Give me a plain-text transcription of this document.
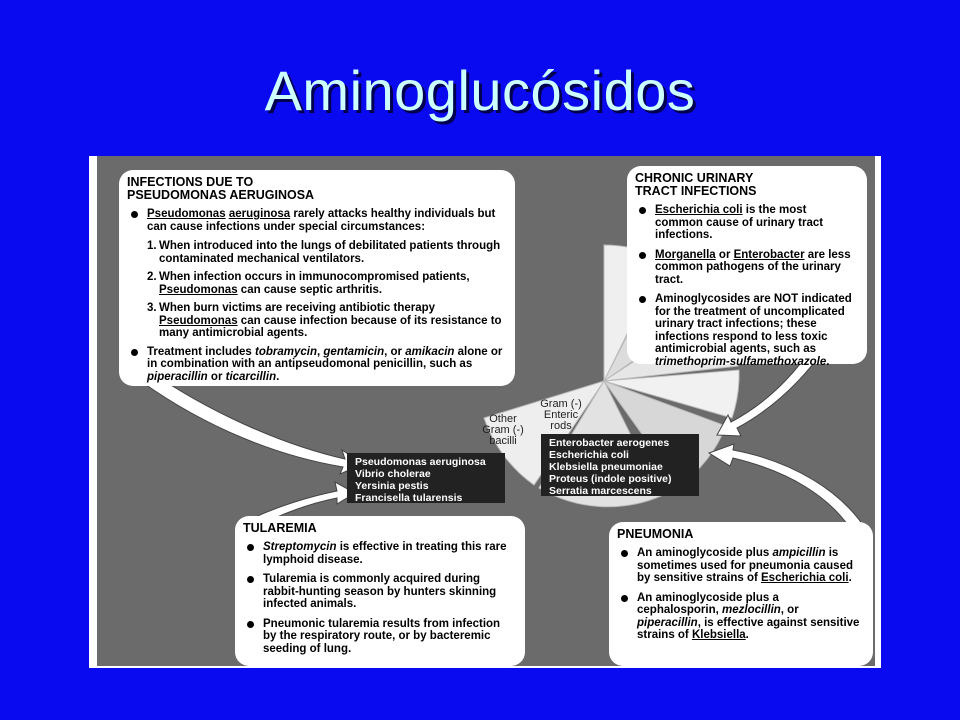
Aminoglucósidos
INFECTIONS DUE TO
PSEUDOMONAS AERUGINOSA
Pseudomonas aeruginosa rarely attacks healthy individuals but can cause infections under special circumstances:
1. When introduced into the lungs of debilitated patients through contaminated mechanical ventilators.
2. When infection occurs in immunocompromised patients, Pseudomonas can cause septic arthritis.
3. When burn victims are receiving antibiotic therapy Pseudomonas can cause infection because of its resistance to many antimicrobial agents.
Treatment includes tobramycin, gentamicin, or amikacin alone or in combination with an antipseudomonal penicillin, such as piperacillin or ticarcillin.
CHRONIC URINARY
TRACT INFECTIONS
Escherichia coli is the most common cause of urinary tract infections.
Morganella or Enterobacter are less common pathogens of the urinary tract.
Aminoglycosides are NOT indicated for the treatment of uncomplicated urinary tract infections; these infections respond to less toxic antimicrobial agents, such as trimethoprim-sulfamethoxazole.
Other
Gram (-)
bacilli
Gram (-)
Enteric
rods
Pseudomonas aeruginosa
Vibrio cholerae
Yersinia pestis
Francisella tularensis
Enterobacter aerogenes
Escherichia coli
Klebsiella pneumoniae
Proteus (indole positive)
Serratia marcescens
TULAREMIA
Streptomycin is effective in treating this rare lymphoid disease.
Tularemia is commonly acquired during rabbit-hunting season by hunters skinning infected animals.
Pneumonic tularemia results from infection by the respiratory route, or by bacteremic seeding of lung.
PNEUMONIA
An aminoglycoside plus ampicillin is sometimes used for pneumonia caused by sensitive strains of Escherichia coli.
An aminoglycoside plus a cephalosporin, mezlocillin, or piperacillin, is effective against sensitive strains of Klebsiella.
